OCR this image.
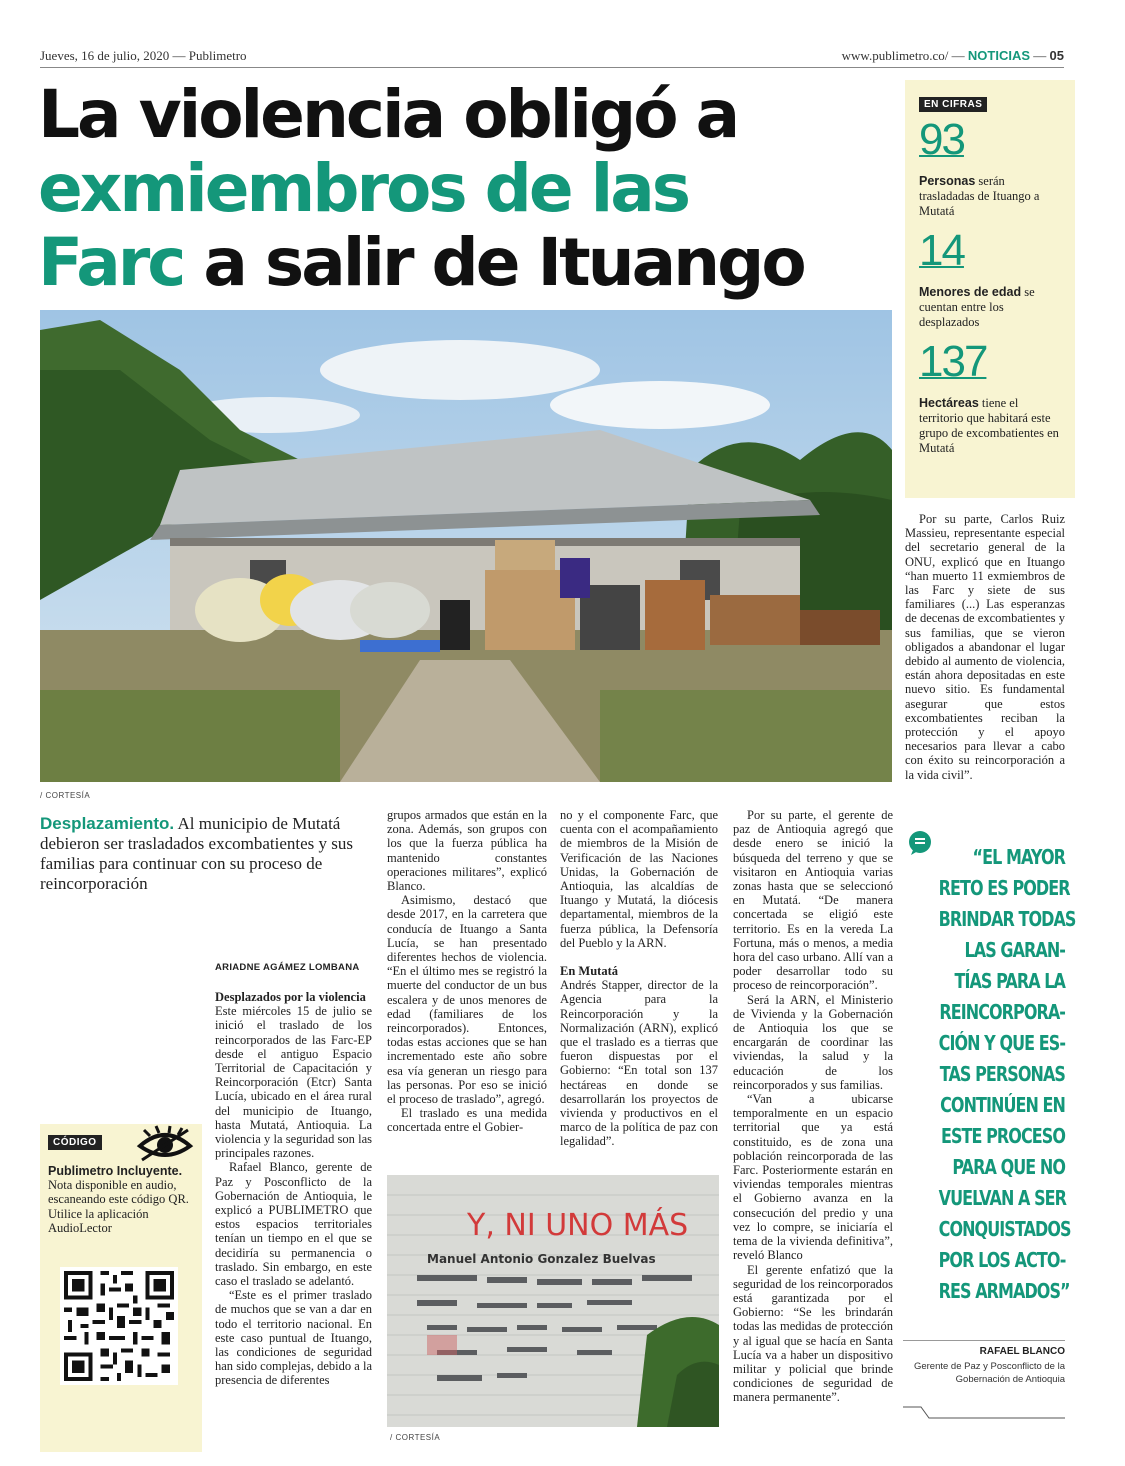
Jueves, 16 de julio, 2020 — Publimetro	www.publimetro.co/ — NOTICIAS — 05
La violencia obligó a
exmiembros de las
Farc a salir de Ituango
/ CORTESÍA
EN CIFRAS
93
Personas serán trasladadas de Ituango a Mutatá
14
Menores de edad se cuentan entre los desplazados
137
Hectáreas tiene el territorio que habitará este grupo de excombatientes en Mutatá
Por su parte, Carlos Ruiz Massieu, representante especial del secretario general de la ONU, explicó que en Ituango “han muerto 11 exmiembros de las Farc y siete de sus familiares (...) Las esperanzas de decenas de excombatientes y sus familias, que se vieron obligados a abandonar el lugar debido al aumento de violencia, están ahora depositadas en este nuevo sitio. Es fundamental asegurar que estos excombatientes reciban la protección y el apoyo necesarios para llevar a cabo con éxito su reincorporación a la vida civil”.
Desplazamiento. Al municipio de Mutatá debieron ser trasladados excombatientes y sus familias para continuar con su proceso de reincorporación
ARIADNE AGÁMEZ LOMBANA
Desplazados por la violencia

Este miércoles 15 de julio se inició el traslado de los reincorporados de las Farc-EP desde el antiguo Espacio Territorial de Capacitación y Reincorporación (Etcr) Santa Lucía, ubicado en el área rural del municipio de Ituango, hasta Mutatá, Antioquia. La violencia y la seguridad son las principales razones.

Rafael Blanco, gerente de Paz y Posconflicto de la Gobernación de Antioquia, le explicó a PUBLIMETRO que estos espacios territoriales tenían un tiempo en el que se decidiría su permanencia o traslado. Sin embargo, en este caso el traslado se adelantó.

“Este es el primer traslado de muchos que se van a dar en todo el territorio nacional. En este caso puntual de Ituango, las condiciones de seguridad han sido complejas, debido a la presencia de diferentes

grupos armados que están en la zona. Además, son grupos con los que la fuerza pública ha mantenido constantes operaciones militares”, explicó Blanco.

Asimismo, destacó que desde 2017, en la carretera que conducía de Ituango a Santa Lucía, se han presentado diferentes hechos de violencia. “En el último mes se registró la muerte del conductor de un bus escalera y de unos menores de edad (familiares de los reincorporados). Entonces, todas estas acciones que se han incrementado este año sobre esa vía generan un riesgo para las personas. Por eso se inició el proceso de traslado”, agregó.

El traslado es una medida concertada entre el Gobier-

no y el componente Farc, que cuenta con el acompañamiento de miembros de la Misión de Verificación de las Naciones Unidas, la Gobernación de Antioquia, las alcaldías de Ituango y Mutatá, la diócesis departamental, miembros de la fuerza pública, la Defensoría del Pueblo y la ARN.

En Mutatá

Andrés Stapper, director de la Agencia para la Reincorporación y la Normalización (ARN), explicó que el traslado es a tierras que fueron dispuestas por el Gobierno: “En total son 137 hectáreas en donde se desarrollarán los proyectos de vivienda y productivos en el marco de la política de paz con legalidad”.

Por su parte, el gerente de paz de Antioquia agregó que desde enero se inició la búsqueda del terreno y que se visitaron en Antioquia varias zonas hasta que se seleccionó en Mutatá. “De manera concertada se eligió este territorio. Es en la vereda La Fortuna, más o menos, a media hora del caso urbano. Allí van a poder desarrollar todo su proceso de reincorporación”.

Será la ARN, el Ministerio de Vivienda y la Gobernación de Antioquia los que se encargarán de coordinar las viviendas, la salud y la educación de los reincorporados y sus familias.

“Van a ubicarse temporalmente en un espacio territorial que ya está constituido, es de zona una población reincorporada de las Farc. Posteriormente estarán en viviendas temporales mientras el Gobierno avanza en la consecución del predio y una vez lo compre, se iniciaría el tema de la vivienda definitiva”, reveló Blanco

El gerente enfatizó que la seguridad de los reincorporados está garantizada por el Gobierno: “Se les brindarán todas las medidas de protección y al igual que se hacía en Santa Lucía va a haber un dispositivo militar y policial que brinde condiciones de seguridad de manera permanente”.

CÓDIGO
Publimetro Incluyente. Nota disponible en audio, escaneando este código QR. Utilice la aplicación AudioLector	Y, NI UNO MÁS
Manuel Antonio Gonzalez Buelvas
/ CORTESÍA
“EL MAYOR
RETO ES PODER
BRINDAR TODAS
LAS GARAN-
TÍAS PARA LA
REINCORPORA-
CIÓN Y QUE ES-
TAS PERSONAS
CONTINÚEN EN
ESTE PROCESO
PARA QUE NO
VUELVAN A SER
CONQUISTADOS
POR LOS ACTO-
RES ARMADOS”
RAFAEL BLANCO
Gerente de Paz y Posconflicto de la Gobernación de Antioquia
